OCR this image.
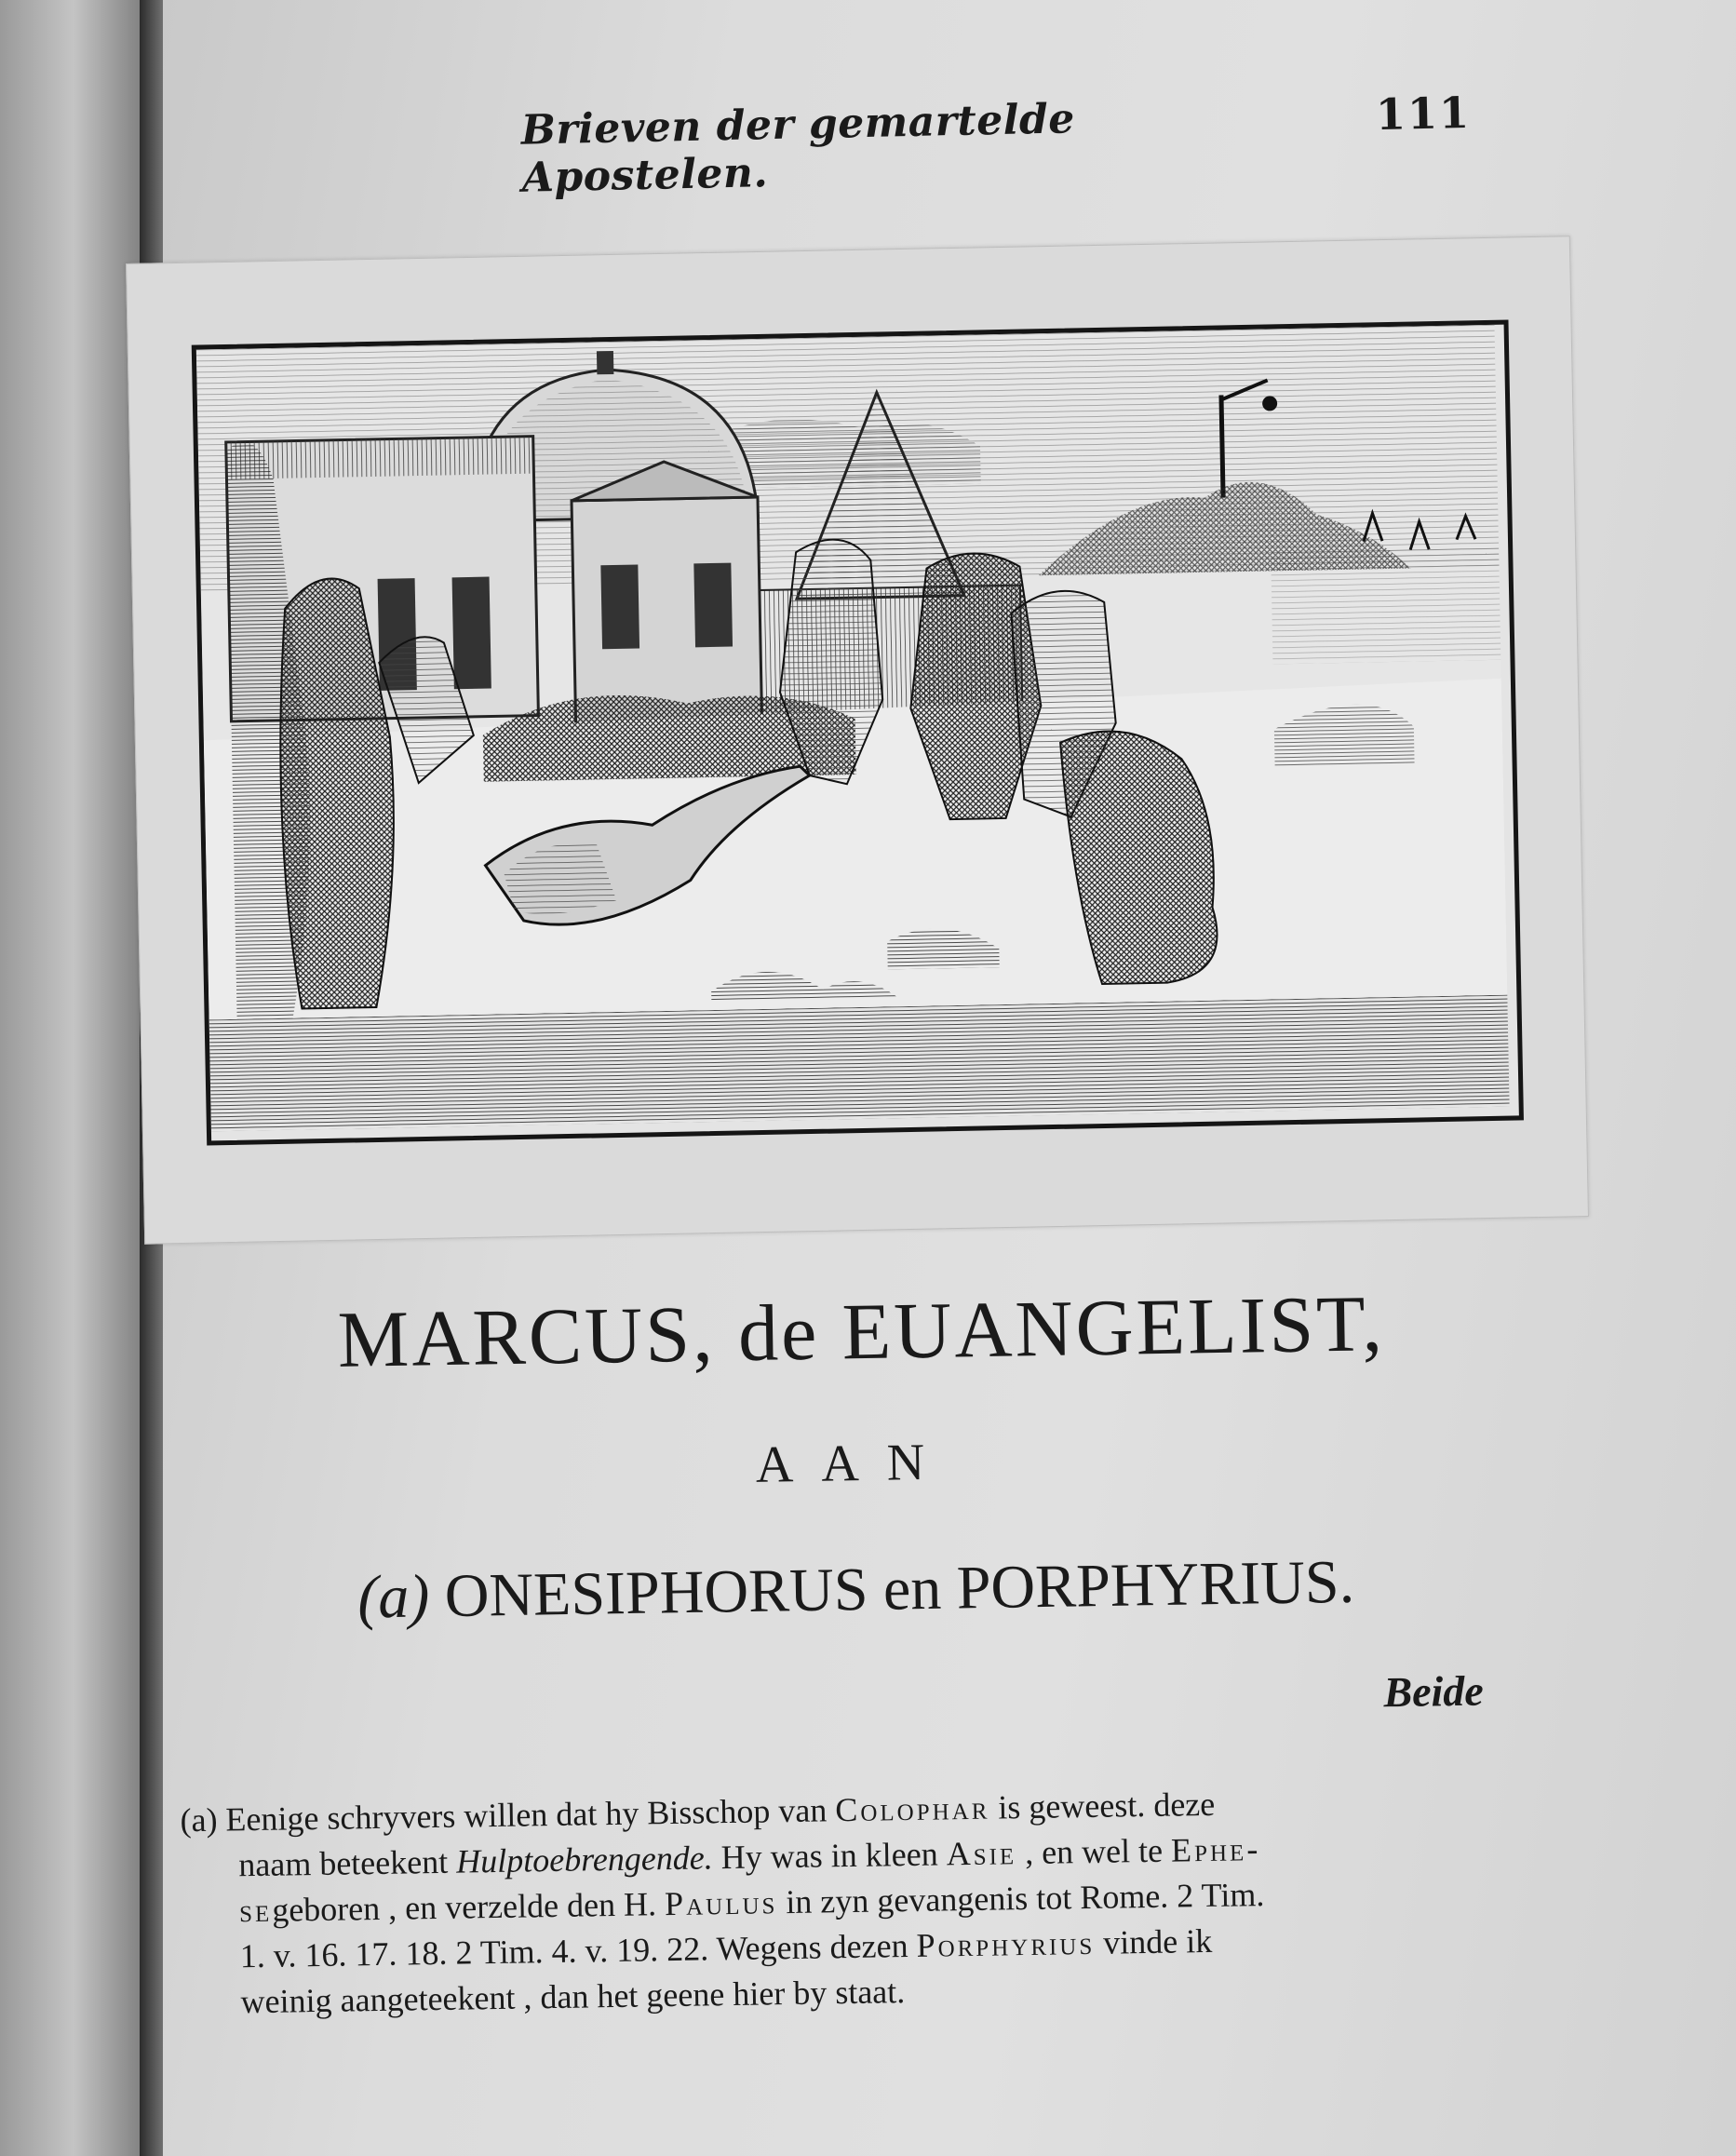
Brieven der gemartelde Apostelen.
111
MARCUS, de EUANGELIST,
AAN
(a) ONESIPHORUS en PORPHYRIUS.
Beide
(a) Eenige schryvers willen dat hy Bisschop van Colophar is geweest. deze
naam beteekent Hulptoebrengende. Hy was in kleen Asie , en wel te Ephe-
segeboren , en verzelde den H. Paulus in zyn gevangenis tot Rome. 2 Tim.
1. v. 16. 17. 18. 2 Tim. 4. v. 19. 22. Wegens dezen Porphyrius vinde ik
weinig aangeteekent , dan het geene hier by staat.
